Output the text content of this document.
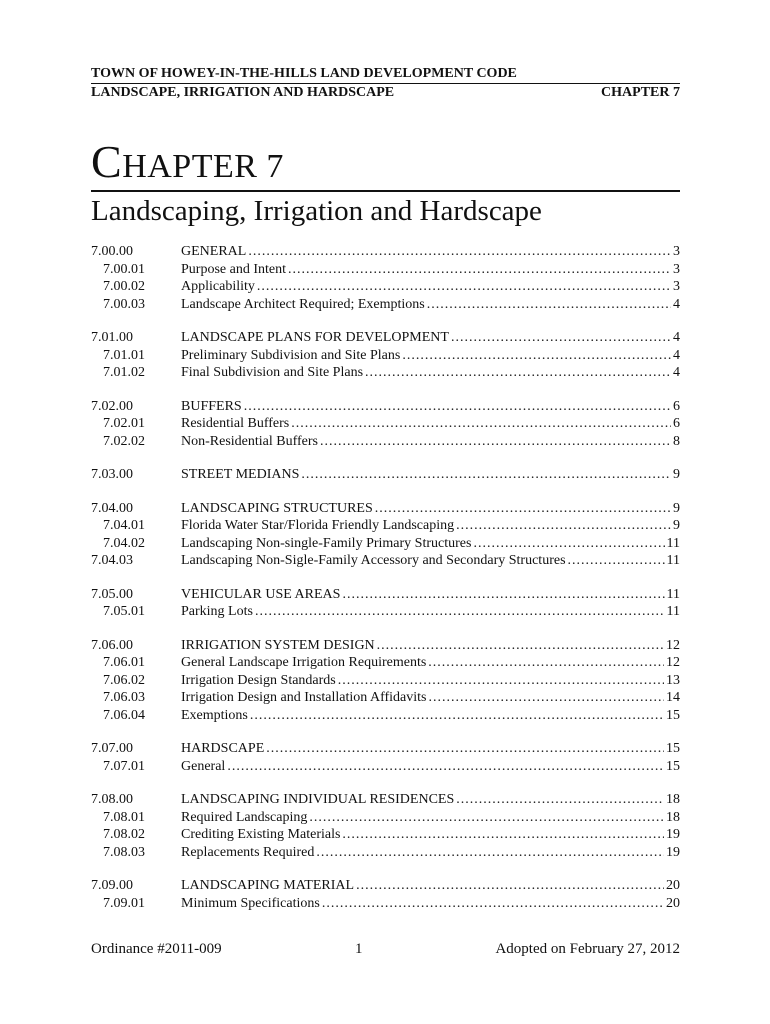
TOWN OF HOWEY-IN-THE-HILLS LAND DEVELOPMENT CODE
LANDSCAPE, IRRIGATION AND HARDSCAPE	CHAPTER 7
CHAPTER 7
Landscaping, Irrigation and Hardscape
7.00.00	GENERAL .....	3
7.00.01	Purpose and Intent .....	3
7.00.02	Applicability .....	3
7.00.03	Landscape Architect Required; Exemptions .....	4
7.01.00	LANDSCAPE PLANS FOR DEVELOPMENT .....	4
7.01.01	Preliminary Subdivision and Site Plans .....	4
7.01.02	Final Subdivision and Site Plans .....	4
7.02.00	BUFFERS .....	6
7.02.01	Residential Buffers .....	6
7.02.02	Non-Residential Buffers .....	8
7.03.00	STREET MEDIANS .....	9
7.04.00	LANDSCAPING STRUCTURES .....	9
7.04.01	Florida Water Star/Florida Friendly Landscaping .....	9
7.04.02	Landscaping Non-single-Family Primary Structures .....	11
7.04.03	Landscaping Non-Sigle-Family Accessory and Secondary Structures .....	11
7.05.00	VEHICULAR USE AREAS .....	11
7.05.01	Parking Lots .....	11
7.06.00	IRRIGATION SYSTEM DESIGN .....	12
7.06.01	General Landscape Irrigation Requirements .....	12
7.06.02	Irrigation Design Standards .....	13
7.06.03	Irrigation Design and Installation Affidavits .....	14
7.06.04	Exemptions .....	15
7.07.00	HARDSCAPE .....	15
7.07.01	General .....	15
7.08.00	LANDSCAPING INDIVIDUAL RESIDENCES .....	18
7.08.01	Required Landscaping .....	18
7.08.02	Crediting Existing Materials .....	19
7.08.03	Replacements Required .....	19
7.09.00	LANDSCAPING MATERIAL .....	20
7.09.01	Minimum Specifications .....	20
Ordinance #2011-009	1	Adopted on February 27, 2012
